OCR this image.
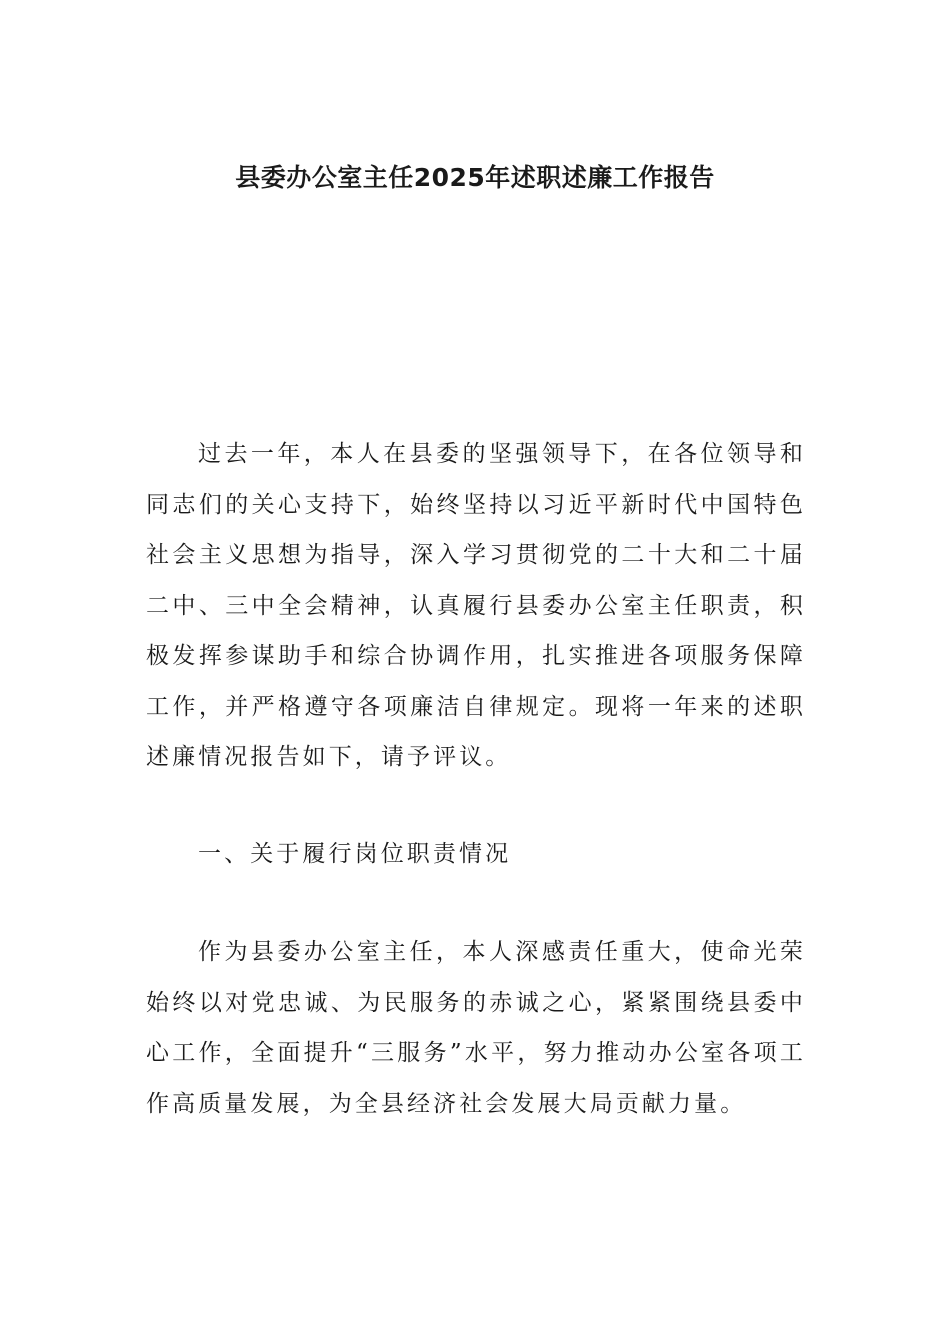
县委办公室主任2025年述职述廉工作报告

过去一年，本人在县委的坚强领导下，在各位领导和同志们的关心支持下，始终坚持以习近平新时代中国特色社会主义思想为指导，深入学习贯彻党的二十大和二十届二中、三中全会精神，认真履行县委办公室主任职责，积极发挥参谋助手和综合协调作用，扎实推进各项服务保障工作，并严格遵守各项廉洁自律规定。现将一年来的述职述廉情况报告如下，请予评议。

一、关于履行岗位职责情况

作为县委办公室主任，本人深感责任重大，使命光荣始终以对党忠诚、为民服务的赤诚之心，紧紧围绕县委中心工作，全面提升“三服务”水平，努力推动办公室各项工作高质量发展，为全县经济社会发展大局贡献力量。
